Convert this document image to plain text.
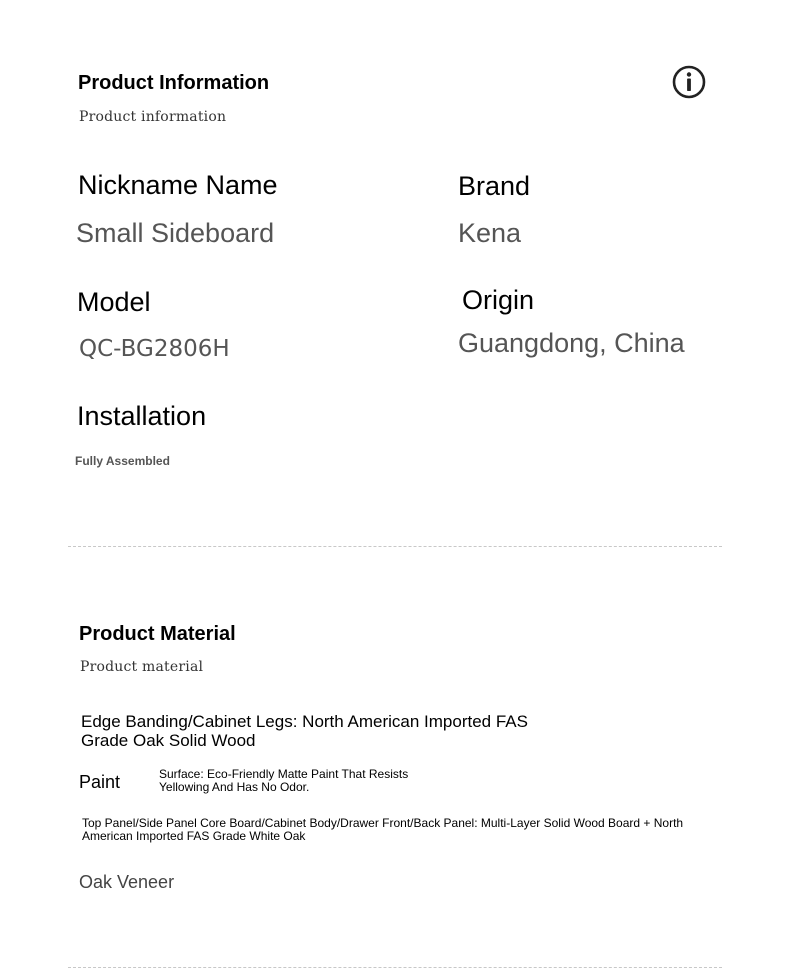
Product Information
Product information
Nickname Name
Small Sideboard
Brand
Kena
Model
QC-BG2806H
Origin
Guangdong, China
Installation
Fully Assembled
Product Material
Product material
Edge Banding/Cabinet Legs: North American Imported FAS Grade Oak Solid Wood
Paint	Surface: Eco-Friendly Matte Paint That Resists Yellowing And Has No Odor.
Top Panel/Side Panel Core Board/Cabinet Body/Drawer Front/Back Panel: Multi-Layer Solid Wood Board + North American Imported FAS Grade White Oak
Oak Veneer
